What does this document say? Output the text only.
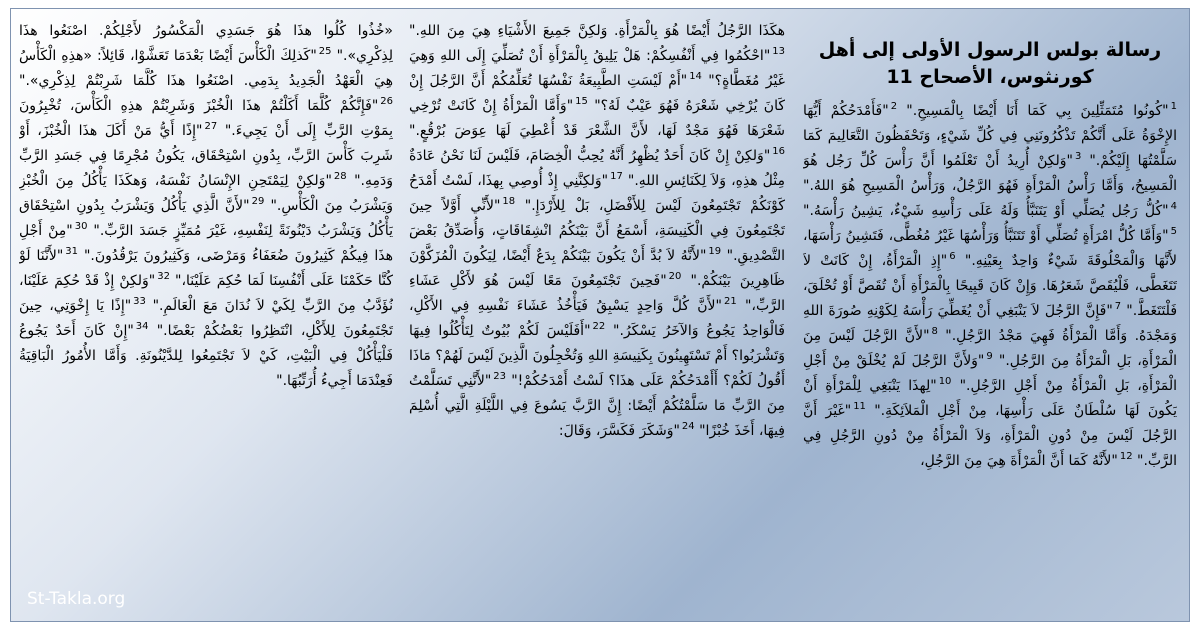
رسالة بولس الرسول الأولى إلى أهل كورنثوس، الأصحاح 11
$^1$"كُونُوا مُتَمَثِّلِينَ بِي كَمَا أَنَا أَيْضًا بِالْمَسِيحِ." $^2$"فَأَمْدَحُكُمْ أَيُّهَا الإِخْوَةُ عَلَى أَنَّكُمْ تَذْكُرُونَنِي فِي كُلِّ شَيْءٍ، وَتَحْفَظُونَ التَّعَالِيمَ كَمَا سَلَّمْتُهَا إِلَيْكُمْ." $^3$"وَلكِنْ أُرِيدُ أَنْ تَعْلَمُوا أَنَّ رَأْسَ كُلِّ رَجُل هُوَ الْمَسِيحُ، وَأَمَّا رَأْسُ الْمَرْأَةِ فَهُوَ الرَّجُلُ، وَرَأْسُ الْمَسِيحِ هُوَ اللهُ." $^4$"كُلُّ رَجُل يُصَلِّي أَوْ يَتَنَبَّأُ وَلَهُ عَلَى رَأْسِهِ شَيْءٌ، يَشِينُ رَأْسَهُ." $^5$"وَأَمَّا كُلُّ امْرَأَةٍ تُصَلِّي أَوْ تَتَنَبَّأُ وَرَأْسُهَا غَيْرُ مُغُطًّى، فَتَشِينُ رَأْسَهَا، لأَنَّهَا وَالْمَحْلُوقَةَ شَيْءٌ وَاحِدٌ بِعَيْنِهِ." $^6$"إِذِ الْمَرْأَةُ، إِنْ كَانَتْ لاَ تَتَغَطَّى، فَلْيُقَصَّ شَعَرُهَا. وَإِنْ كَانَ قَبِيحًا بِالْمَرْأَةِ أَنْ تُقَصَّ أَوْ تُحْلَقَ، فَلْتَتَغَطَّ." $^7$"فَإِنَّ الرَّجُلَ لاَ يَنْبَغِي أَنْ يُغَطِّيَ رَأْسَهُ لِكَوْنِهِ صُورَةَ اللهِ وَمَجْدَهُ. وَأَمَّا الْمَرْأَةُ فَهِيَ مَجْدُ الرَّجُلِ." $^8$"لأَنَّ الرَّجُلَ لَيْسَ مِنَ الْمَرْأَةِ، بَلِ الْمَرْأَةُ مِنَ الرَّجُلِ." $^9$"وَلأَنَّ الرَّجُلَ لَمْ يُخْلَقْ مِنْ أَجْلِ الْمَرْأَةِ، بَلِ الْمَرْأَةُ مِنْ أَجْلِ الرَّجُلِ." $^{10}$"لِهذَا يَنْبَغِي لِلْمَرْأَةِ أَنْ يَكُونَ لَهَا سُلْطَانٌ عَلَى رَأْسِهَا، مِنْ أَجْلِ الْمَلاَئِكَةِ." $^{11}$"غَيْرَ أَنَّ الرَّجُلَ لَيْسَ مِنْ دُونِ الْمَرْأَةِ، وَلاَ الْمَرْأَةُ مِنْ دُونِ الرَّجُلِ فِي الرَّبِّ." $^{12}$"لأَنَّهُ كَمَا أَنَّ الْمَرْأَةَ هِيَ مِنَ الرَّجُلِ،
هكَذَا الرَّجُلُ أَيْضًا هُوَ بِالْمَرْأَةِ. وَلكِنَّ جَمِيعَ الأَشْيَاءِ هِيَ مِنَ اللهِ." $^{13}$"احْكُمُوا فِي أَنْفُسِكُمْ: هَلْ يَلِيقُ بِالْمَرْأَةِ أَنْ تُصَلِّيَ إِلَى اللهِ وَهِيَ غَيْرُ مُغَطَّاةٍ؟" $^{14}$"أَمْ لَيْسَتِ الطَّبِيعَةُ نَفْسُهَا تُعَلِّمُكُمْ أَنَّ الرَّجُلَ إِنْ كَانَ يُرْخِي شَعْرَهُ فَهُوَ عَيْبٌ لَهُ؟" $^{15}$"وَأَمَّا الْمَرْأَةُ إِنْ كَانَتْ تُرْخِي شَعْرَهَا فَهُوَ مَجْدٌ لَهَا، لأَنَّ الشَّعْرَ قَدْ أُعْطِيَ لَهَا عِوَضَ بُرْقُعٍ." $^{16}$"وَلكِنْ إِنْ كَانَ أَحَدٌ يُظْهِرُ أَنَّهُ يُحِبُّ الْخِصَامَ، فَلَيْسَ لَنَا نَحْنُ عَادَةٌ مِثْلُ هذِهِ، وَلاَ لِكَنَائِسِ اللهِ." $^{17}$"وَلكِنَّنِي إِذْ أُوصِي بِهذَا، لَسْتُ أَمْدَحُ كَوْنَكُمْ تَجْتَمِعُونَ لَيْسَ لِلأَفْضَلِ، بَلْ لِلأَرْدَإِ." $^{18}$"لأَنِّي أَوَّلاً حِينَ تَجْتَمِعُونَ فِي الْكَنِيسَةِ، أَسْمَعُ أَنَّ بَيْنَكُمُ انْشِقَاقَاتٍ، وَأُصَدِّقُ بَعْضَ التَّصْدِيقِ." $^{19}$"لأَنَّهُ لاَ بُدَّ أَنْ يَكُونَ بَيْنَكُمْ بِدَعٌ أَيْضًا، لِيَكُونَ الْمُزَكَّوْنَ ظَاهِرِينَ بَيْنَكُمْ." $^{20}$"فَحِينَ تَجْتَمِعُونَ مَعًا لَيْسَ هُوَ لأَكْلِ عَشَاءِ الرَّبِّ،" $^{21}$"لأَنَّ كُلَّ وَاحِدٍ يَسْبِقُ فَيَأْخُذُ عَشَاءَ نَفْسِهِ فِي الأَكْلِ، فَالْوَاحِدُ يَجُوعُ وَالآخَرُ يَسْكَرُ." $^{22}$"أَفَلَيْسَ لَكُمْ بُيُوتٌ لِتَأْكُلُوا فِيهَا وَتَشْرَبُوا؟ أَمْ تَسْتَهِينُونَ بِكَنِيسَةِ اللهِ وَتُخْجِلُونَ الَّذِينَ لَيْسَ لَهُمْ؟ مَاذَا أَقُولُ لَكُمْ؟ أَأَمْدَحُكُمْ عَلَى هذَا؟ لَسْتُ أَمْدَحُكُمْ!" $^{23}$"لأَنَّنِي تَسَلَّمْتُ مِنَ الرَّبِّ مَا سَلَّمْتُكُمْ أَيْضًا: إِنَّ الرَّبَّ يَسُوعَ فِي اللَّيْلَةِ الَّتِي أُسْلِمَ فِيهَا، أَخَذَ خُبْزًا" $^{24}$"وَشَكَرَ فَكَسَّرَ، وَقَالَ:
«خُذُوا كُلُوا هذَا هُوَ جَسَدِي الْمَكْسُورُ لأَجْلِكُمْ. اصْنَعُوا هذَا لِذِكْرِي»." $^{25}$"كَذلِكَ الْكَأْسَ أَيْضًا بَعْدَمَا تَعَشَّوْا، قَائِلاً: «هذِهِ الْكَأْسُ هِيَ الْعَهْدُ الْجَدِيدُ بِدَمِي. اصْنَعُوا هذَا كُلَّمَا شَرِبْتُمْ لِذِكْرِي»." $^{26}$"فَإِنَّكُمْ كُلَّمَا أَكَلْتُمْ هذَا الْخُبْزَ وَشَرِبْتُمْ هذِهِ الْكَأْسَ، تُخْبِرُونَ بِمَوْتِ الرَّبِّ إِلَى أَنْ يَجِيءَ." $^{27}$"إِذًا أَيُّ مَنْ أَكَلَ هذَا الْخُبْزَ، أَوْ شَرِبَ كَأْسَ الرَّبِّ، بِدُونِ اسْتِحْقَاق، يَكُونُ مُجْرِمًا فِي جَسَدِ الرَّبِّ وَدَمِهِ." $^{28}$"وَلكِنْ لِيَمْتَحِنِ الإِنْسَانُ نَفْسَهُ، وَهكَذَا يَأْكُلُ مِنَ الْخُبْزِ وَيَشْرَبُ مِنَ الْكَأْسِ." $^{29}$"لأَنَّ الَّذِي يَأْكُلُ وَيَشْرَبُ بِدُونِ اسْتِحْقَاق يَأْكُلُ وَيَشْرَبُ دَيْنُونَةً لِنَفْسِهِ، غَيْرَ مُمَيِّزٍ جَسَدَ الرَّبِّ." $^{30}$"مِنْ أَجْلِ هذَا فِيكُمْ كَثِيرُونَ ضُعَفَاءُ وَمَرْضَى، وَكَثِيرُونَ يَرْقُدُونَ." $^{31}$"لأَنَّنَا لَوْ كُنَّا حَكَمْنَا عَلَى أَنْفُسِنَا لَمَا حُكِمَ عَلَيْنَا،" $^{32}$"وَلكِنْ إِذْ قَدْ حُكِمَ عَلَيْنَا، نُؤَدَّبُ مِنَ الرَّبِّ لِكَيْ لاَ نُدَانَ مَعَ الْعَالَمِ." $^{33}$"إِذًا يَا إِخْوَتِي، حِينَ تَجْتَمِعُونَ لِلأَكْلِ، انْتَظِرُوا بَعْضُكُمْ بَعْضًا." $^{34}$"إِنْ كَانَ أَحَدٌ يَجُوعُ فَلْيَأْكُلْ فِي الْبَيْتِ، كَيْ لاَ تَجْتَمِعُوا لِلدَّيْنُونَةِ. وَأَمَّا الأُمُورُ الْبَاقِيَةُ فَعِنْدَمَا أَجِيءُ أُرَتِّبُهَا."
St-Takla.org
